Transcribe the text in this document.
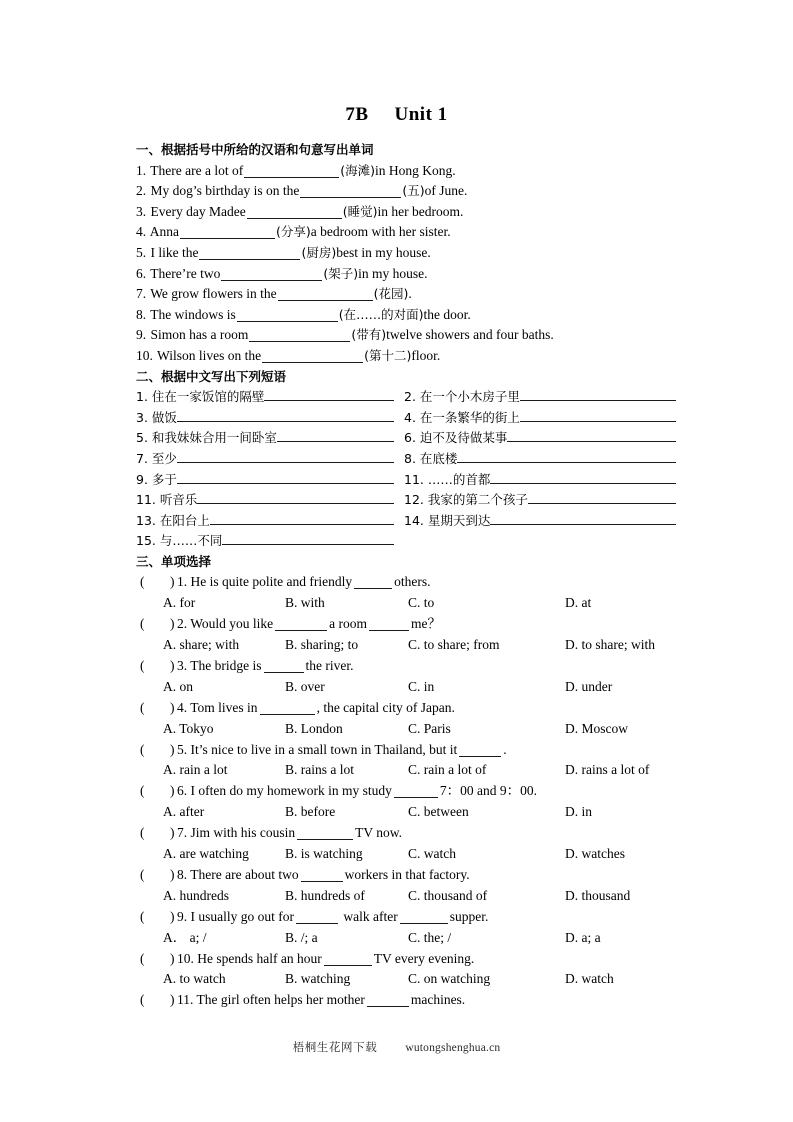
7B Unit 1
一、根据括号中所给的汉语和句意写出单词
1. There are a lot of	(海滩)in Hong Kong.
2. My dog’s birthday is on the	(五)of June.
3. Every day Madee	(睡觉)in her bedroom.
4. Anna	(分享)a bedroom with her sister.
5. I like the	(厨房)best in my house.
6. There’re two	(架子)in my house.
7. We grow flowers in the	(花园).
8. The windows is	(在……的对面)the door.
9. Simon has a room	(带有)twelve showers and four baths.
10. Wilson lives on the	(第十二)floor.
二、根据中文写出下列短语
1. 住在一家饭馆的隔壁	2. 在一个小木房子里
3. 做饭	4. 在一条繁华的街上
5. 和我妹妹合用一间卧室	6. 迫不及待做某事
7. 至少	8. 在底楼
9. 多于	11. ……的首都
11. 听音乐	12. 我家的第二个孩子
13. 在阳台上	14. 星期天到达
15. 与……不同
三、单项选择
( ) 1. He is quite polite and friendly	others.
A. for	B. with	C. to	D. at
( ) 2. Would you like	a room	me？
A. share; with	B. sharing; to	C. to share; from	D. to share; with
( ) 3. The bridge is	the river.
A. on	B. over	C. in	D. under
( ) 4. Tom lives in	, the capital city of Japan.
A. Tokyo	B. London	C. Paris	D. Moscow
( ) 5. It’s nice to live in a small town in Thailand, but it	.
A. rain a lot	B. rains a lot	C. rain a lot of	D. rains a lot of
( ) 6. I often do my homework in my study	7：00 and 9：00.
A. after	B. before	C. between	D. in
( ) 7. Jim with his cousin	TV now.
A. are watching	B. is watching	C. watch	D. watches
( ) 8. There are about two	workers in that factory.
A. hundreds	B. hundreds of	C. thousand of	D. thousand
( ) 9. I usually go out for	walk after	supper.
A． a; /	B. /; a	C. the; /	D. a; a
( ) 10. He spends half an hour	TV every evening.
A. to watch	B. watching	C. on watching	D. watch
( ) 11. The girl often helps her mother	machines.
梧桐生花网下载 wutongshenghua.cn
